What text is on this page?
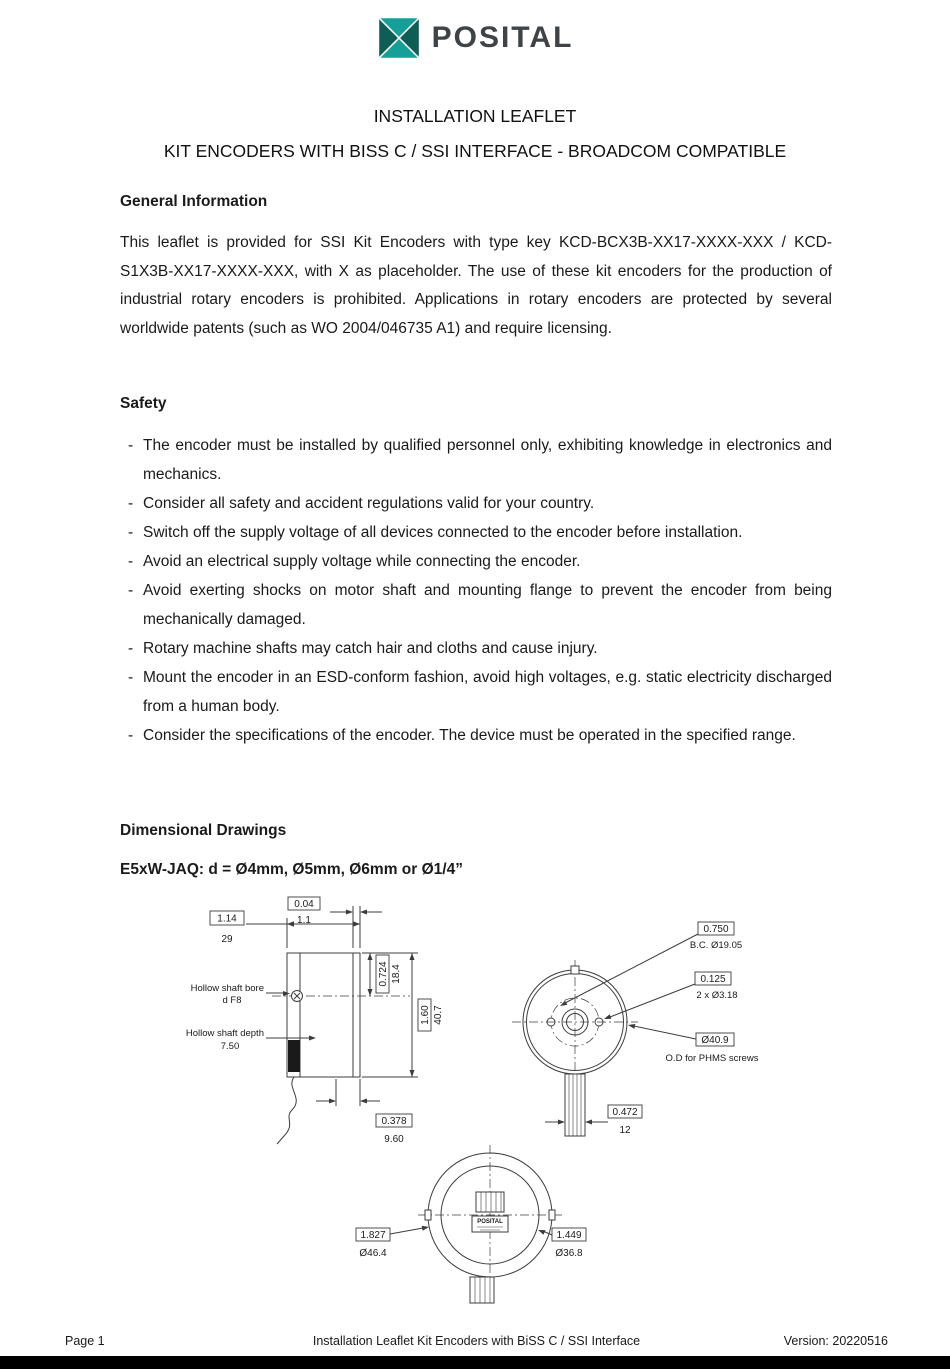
POSITAL
INSTALLATION LEAFLET
KIT ENCODERS WITH BISS C / SSI INTERFACE - BROADCOM COMPATIBLE
General Information
This leaflet is provided for SSI Kit Encoders with type key KCD-BCX3B-XX17-XXXX-XXX / KCD-S1X3B-XX17-XXXX-XXX, with X as placeholder. The use of these kit encoders for the production of industrial rotary encoders is prohibited. Applications in rotary encoders are protected by several worldwide patents (such as WO 2004/046735 A1) and require licensing.
Safety
- The encoder must be installed by qualified personnel only, exhibiting knowledge in electronics and mechanics.
- Consider all safety and accident regulations valid for your country.
- Switch off the supply voltage of all devices connected to the encoder before installation.
- Avoid an electrical supply voltage while connecting the encoder.
- Avoid exerting shocks on motor shaft and mounting flange to prevent the encoder from being mechanically damaged.
- Rotary machine shafts may catch hair and cloths and cause injury.
- Mount the encoder in an ESD-conform fashion, avoid high voltages, e.g. static electricity discharged from a human body.
- Consider the specifications of the encoder. The device must be operated in the specified range.
Dimensional Drawings
E5xW-JAQ: d = Ø4mm, Ø5mm, Ø6mm or Ø1/4”
1.14
29
0.04
1.1
0.724 18.4
1.60 40.7
0.378
9.60
Hollow shaft bore
d F8
Hollow shaft depth
7.50
0.750
B.C. Ø19.05
0.125
2 x Ø3.18
Ø40.9
O.D for PHMS screws
0.472
12
POSITAL
1.827
Ø46.4
1.449
Ø36.8
Page 1	Installation Leaflet Kit Encoders with BiSS C / SSI Interface	Version: 20220516
